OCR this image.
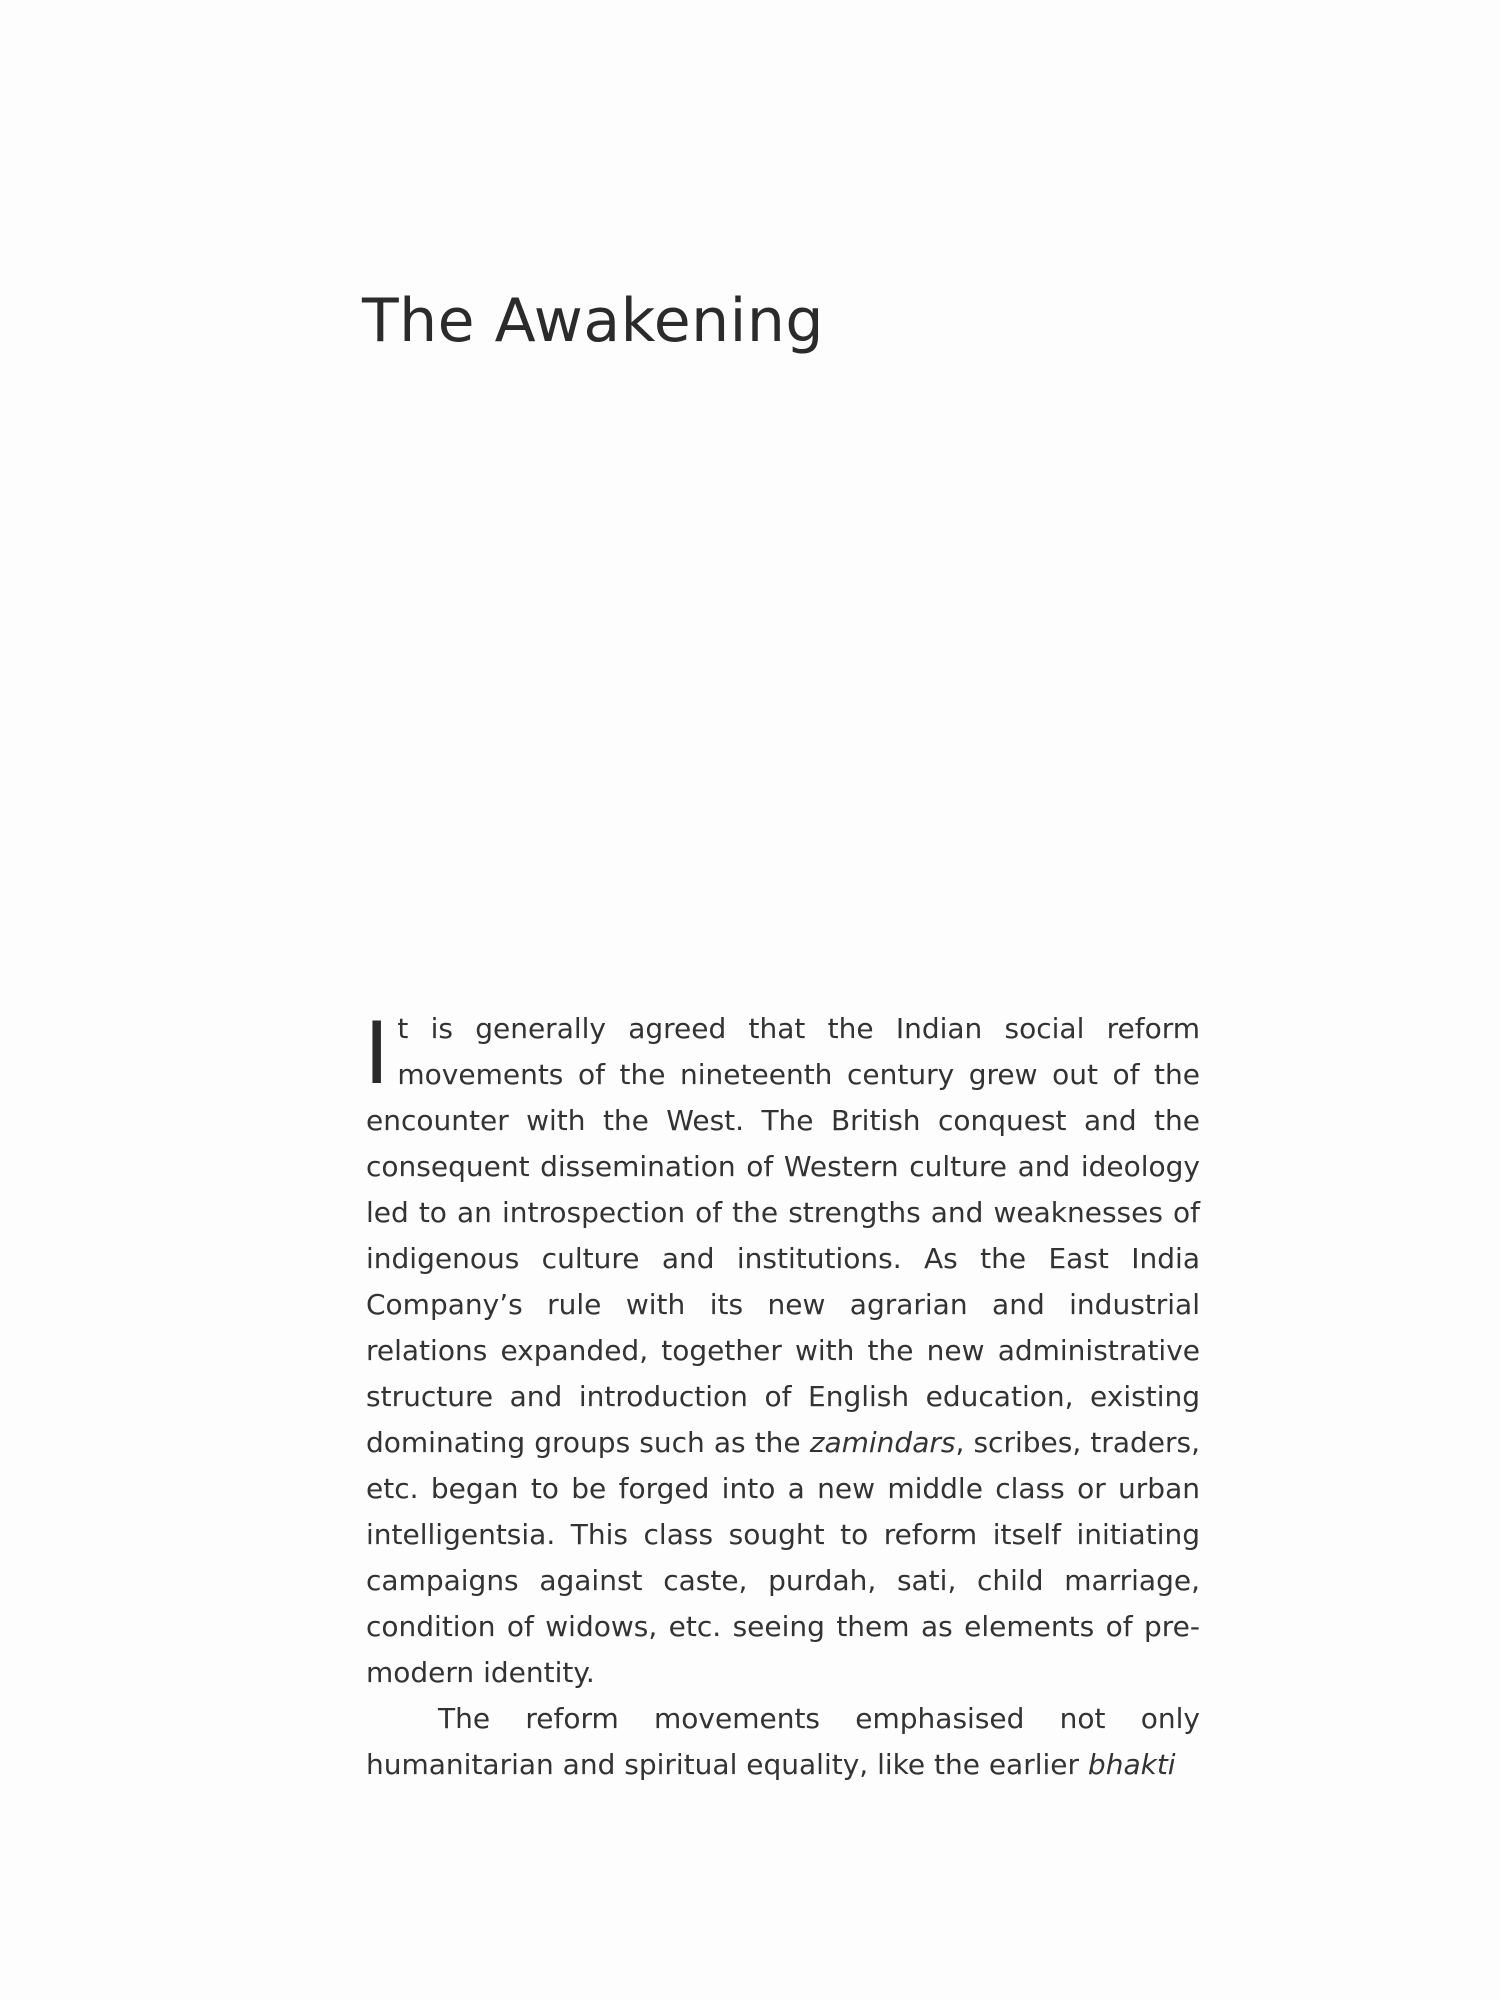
The Awakening

It is generally agreed that the Indian social reform movements of the nineteenth century grew out of the encounter with the West. The British conquest and the consequent dissemination of Western culture and ideology led to an introspection of the strengths and weaknesses of indigenous culture and institutions. As the East India Company’s rule with its new agrarian and industrial relations expanded, together with the new administrative structure and introduction of English education, existing dominating groups such as the zamindars, scribes, traders, etc. began to be forged into a new middle class or urban intelligentsia. This class sought to reform itself initiating campaigns against caste, purdah, sati, child marriage, condition of widows, etc. seeing them as elements of pre-modern identity.

The reform movements emphasised not only humanitarian and spiritual equality, like the earlier bhakti
